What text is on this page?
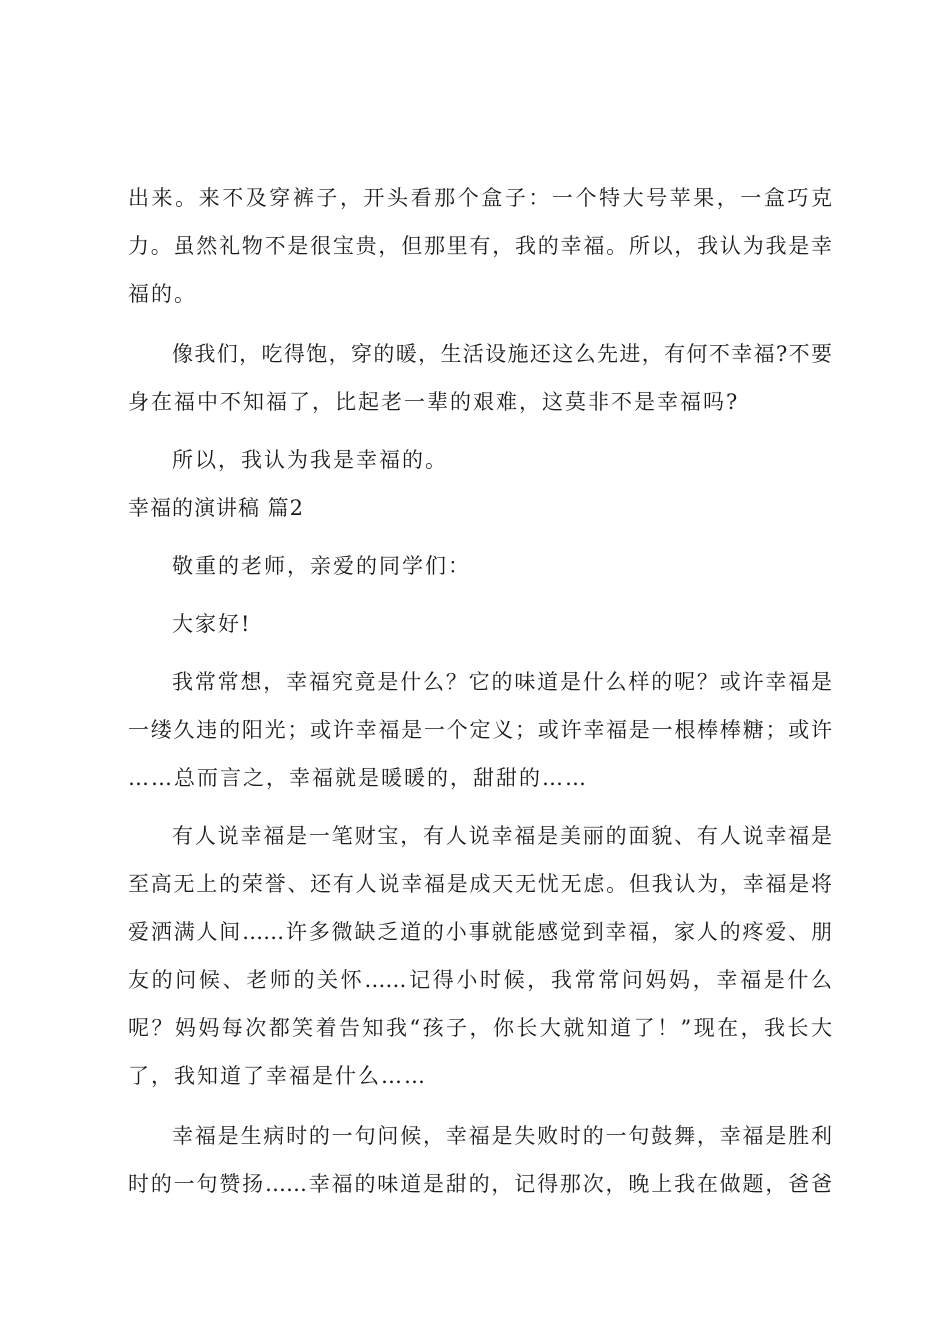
出来。来不及穿裤子，开头看那个盒子：一个特大号苹果，一盒巧克
力。虽然礼物不是很宝贵，但那里有，我的幸福。所以，我认为我是幸
福的。
像我们，吃得饱，穿的暖，生活设施还这么先进，有何不幸福?不要
身在福中不知福了，比起老一辈的艰难，这莫非不是幸福吗?
所以，我认为我是幸福的。
幸福的演讲稿 篇2
敬重的老师，亲爱的同学们：
大家好!
我常常想，幸福究竟是什么？它的味道是什么样的呢？或许幸福是
一缕久违的阳光；或许幸福是一个定义；或许幸福是一根棒棒糖；或许
……总而言之，幸福就是暖暖的，甜甜的……
有人说幸福是一笔财宝，有人说幸福是美丽的面貌、有人说幸福是
至高无上的荣誉、还有人说幸福是成天无忧无虑。但我认为，幸福是将
爱洒满人间……许多微缺乏道的小事就能感觉到幸福，家人的疼爱、朋
友的问候、老师的关怀……记得小时候，我常常问妈妈，幸福是什么
呢？妈妈每次都笑着告知我“孩子，你长大就知道了！”现在，我长大
了，我知道了幸福是什么……
幸福是生病时的一句问候，幸福是失败时的一句鼓舞，幸福是胜利
时的一句赞扬……幸福的味道是甜的，记得那次，晚上我在做题，爸爸
